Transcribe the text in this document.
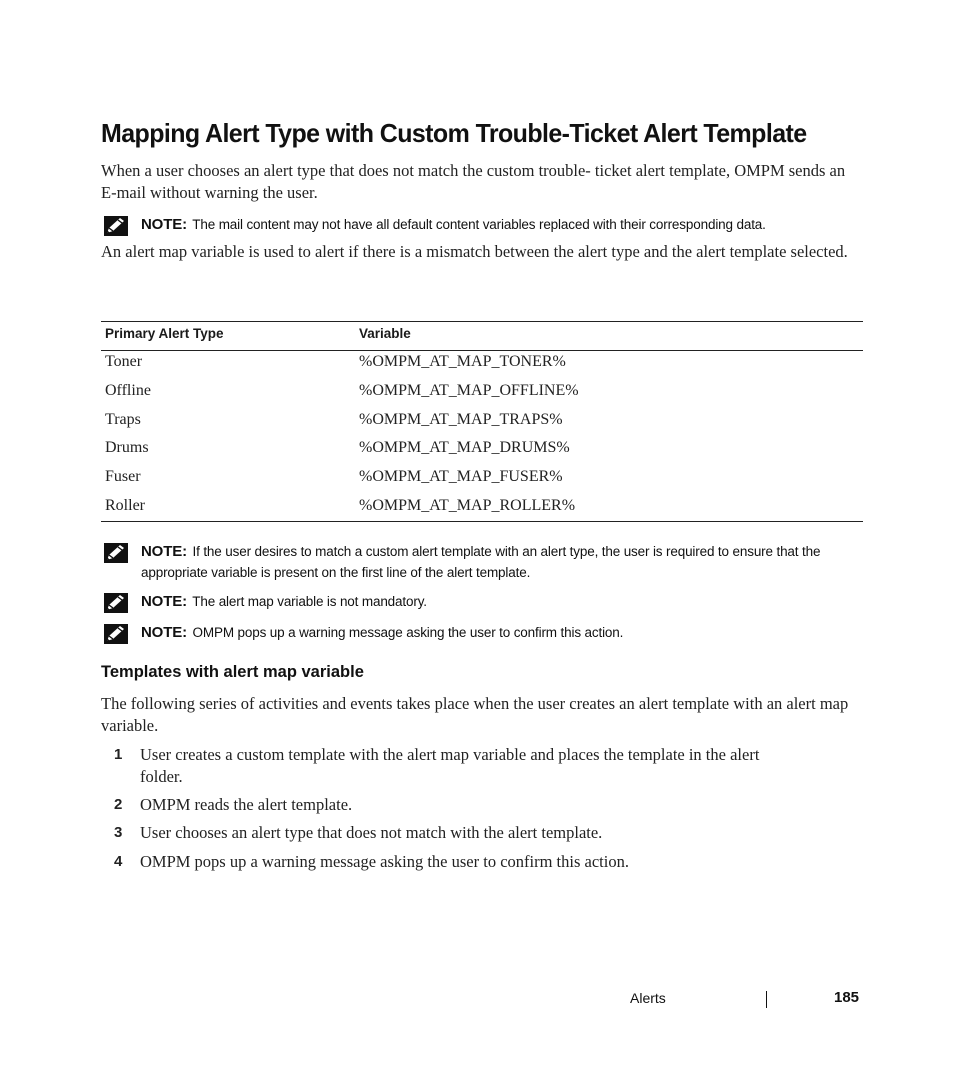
Mapping Alert Type with Custom Trouble-Ticket Alert Template
When a user chooses an alert type that does not match the custom trouble- ticket alert template, OMPM sends an E-mail without warning the user.
NOTE: The mail content may not have all default content variables replaced with their corresponding data.
An alert map variable is used to alert if there is a mismatch between the alert type and the alert template selected.
Primary Alert Type	Variable
Toner	%OMPM_AT_MAP_TONER%
Offline	%OMPM_AT_MAP_OFFLINE%
Traps	%OMPM_AT_MAP_TRAPS%
Drums	%OMPM_AT_MAP_DRUMS%
Fuser	%OMPM_AT_MAP_FUSER%
Roller	%OMPM_AT_MAP_ROLLER%
NOTE: If the user desires to match a custom alert template with an alert type, the user is required to ensure that the appropriate variable is present on the first line of the alert template.
NOTE: The alert map variable is not mandatory.
NOTE: OMPM pops up a warning message asking the user to confirm this action.
Templates with alert map variable
The following series of activities and events takes place when the user creates an alert template with an alert map variable.
1 User creates a custom template with the alert map variable and places the template in the alert folder.
2 OMPM reads the alert template.
3 User chooses an alert type that does not match with the alert template.
4 OMPM pops up a warning message asking the user to confirm this action.
Alerts	185
